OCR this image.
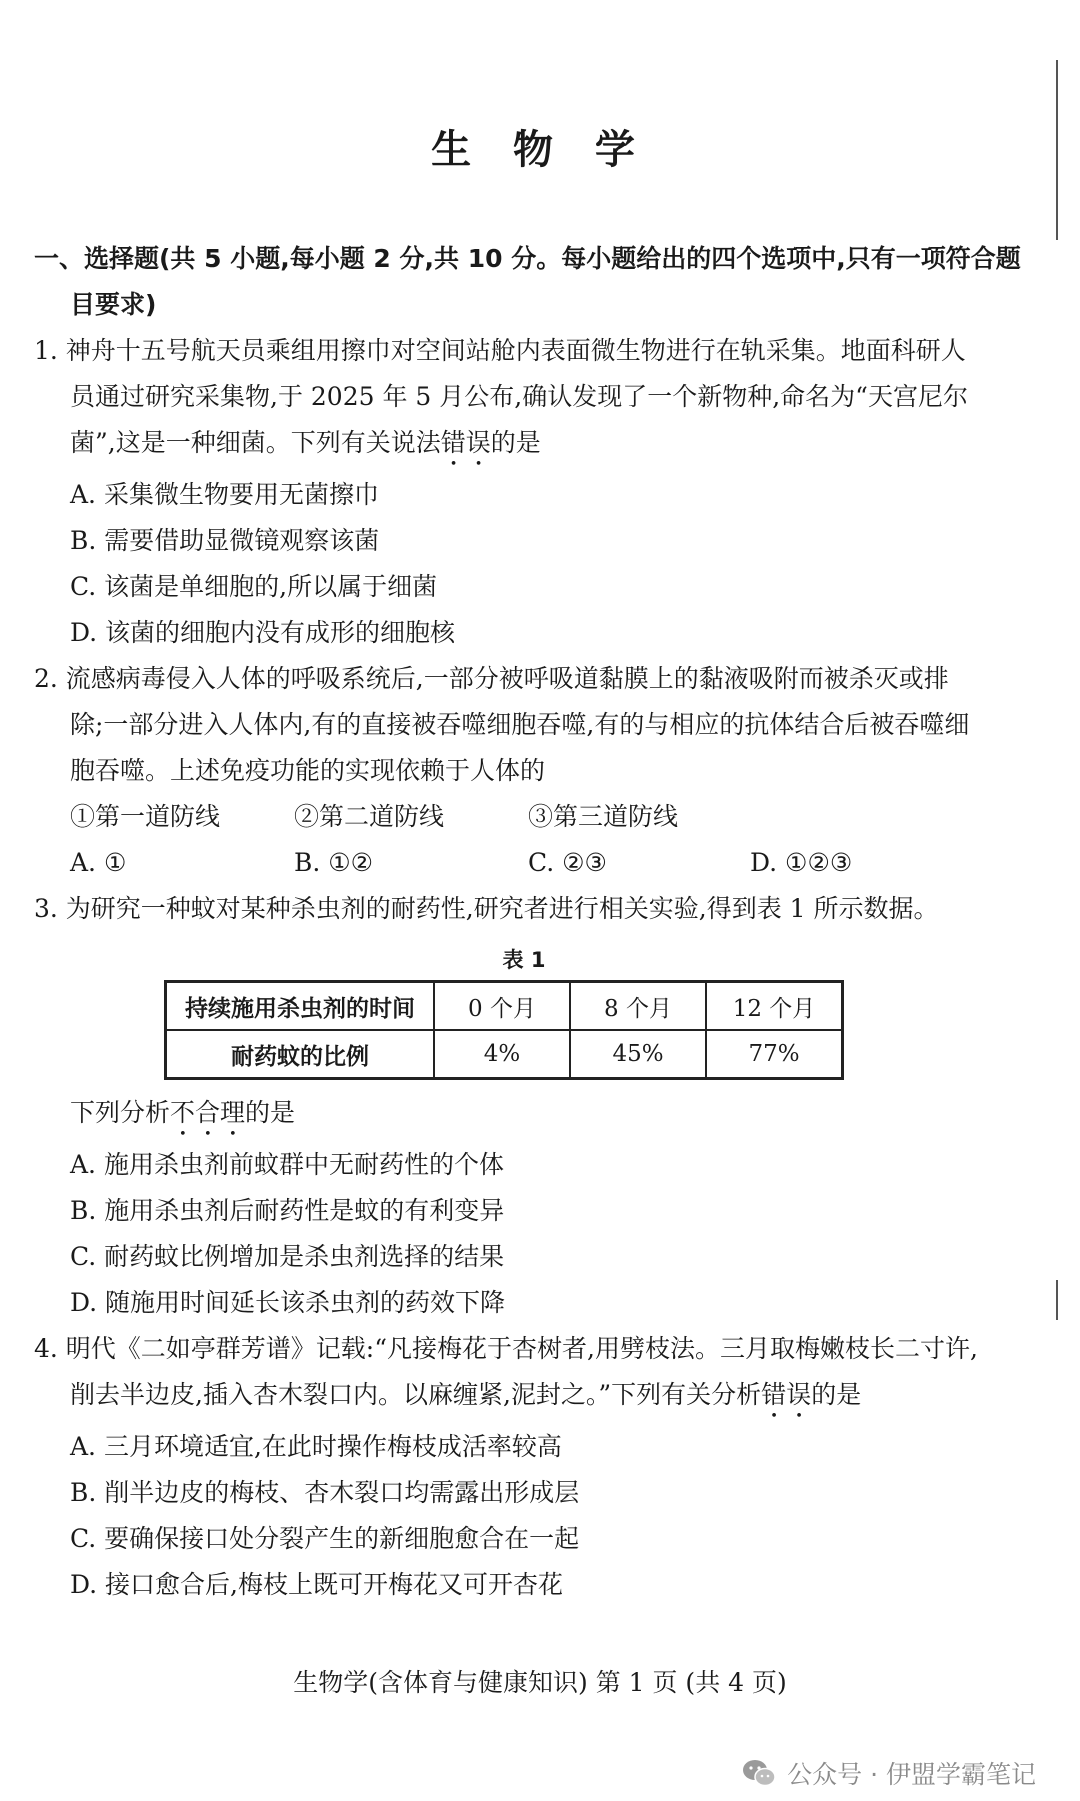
生 物 学
一、选择题(共 5 小题,每小题 2 分,共 10 分。每小题给出的四个选项中,只有一项符合题
目要求)
1. 神舟十五号航天员乘组用擦巾对空间站舱内表面微生物进行在轨采集。地面科研人
员通过研究采集物,于 2025 年 5 月公布,确认发现了一个新物种,命名为“天宫尼尔
菌”,这是一种细菌。下列有关说法错误的是
A. 采集微生物要用无菌擦巾
B. 需要借助显微镜观察该菌
C. 该菌是单细胞的,所以属于细菌
D. 该菌的细胞内没有成形的细胞核
2. 流感病毒侵入人体的呼吸系统后,一部分被呼吸道黏膜上的黏液吸附而被杀灭或排
除;一部分进入人体内,有的直接被吞噬细胞吞噬,有的与相应的抗体结合后被吞噬细
胞吞噬。上述免疫功能的实现依赖于人体的
①第一道防线	②第二道防线	③第三道防线
A. ①	B. ①②	C. ②③	D. ①②③
3. 为研究一种蚊对某种杀虫剂的耐药性,研究者进行相关实验,得到表 1 所示数据。
表 1
持续施用杀虫剂的时间	0 个月	8 个月	12 个月
耐药蚊的比例	4%	45%	77%
下列分析不合理的是
A. 施用杀虫剂前蚊群中无耐药性的个体
B. 施用杀虫剂后耐药性是蚊的有利变异
C. 耐药蚊比例增加是杀虫剂选择的结果
D. 随施用时间延长该杀虫剂的药效下降
4. 明代《二如亭群芳谱》记载:“凡接梅花于杏树者,用劈枝法。三月取梅嫩枝长二寸许,
削去半边皮,插入杏木裂口内。以麻缠紧,泥封之。”下列有关分析错误的是
A. 三月环境适宜,在此时操作梅枝成活率较高
B. 削半边皮的梅枝、杏木裂口均需露出形成层
C. 要确保接口处分裂产生的新细胞愈合在一起
D. 接口愈合后,梅枝上既可开梅花又可开杏花
生物学(含体育与健康知识) 第 1 页 (共 4 页)
公众号 · 伊盟学霸笔记
